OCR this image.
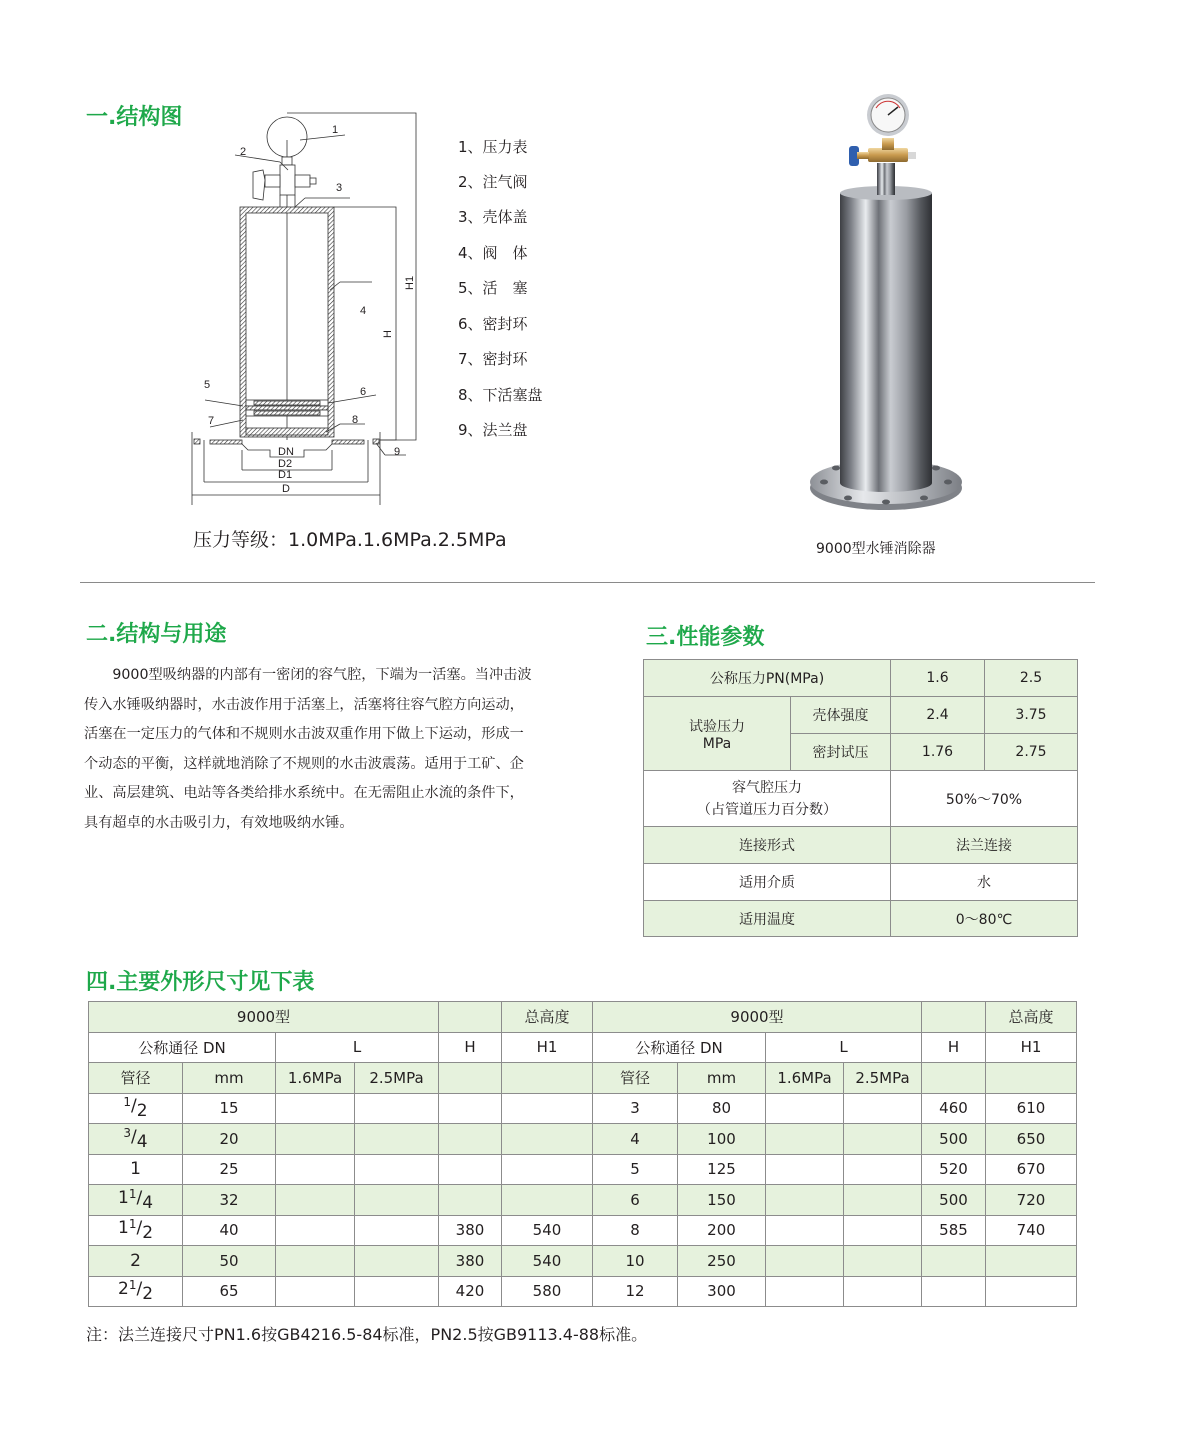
一.结构图	1
2
3
4
5
6
7	8
9
DN
D2
D1
D
H1
H
1、压力表
2、注气阀
3、壳体盖
4、阀　体
5、活　塞
6、密封环
7、密封环
8、下活塞盘
9、法兰盘
压力等级：1.0MPa.1.6MPa.2.5MPa	9000型水锤消除器
二.结构与用途
　　9000型吸纳器的内部有一密闭的容气腔，下端为一活塞。当冲击波
传入水锤吸纳器时，水击波作用于活塞上，活塞将往容气腔方向运动，
活塞在一定压力的气体和不规则水击波双重作用下做上下运动，形成一
个动态的平衡，这样就地消除了不规则的水击波震荡。适用于工矿、企
业、高层建筑、电站等各类给排水系统中。在无需阻止水流的条件下，
具有超卓的水击吸引力，有效地吸纳水锤。
三.性能参数
公称压力PN(MPa)		1.6	2.5

试验压力
MPa	壳体强度	2.4	3.75
	密封试压	1.76	2.75

容气腔压力
（占管道压力百分数）		50%～70%	
连接形式		法兰连接	
适用介质		水	
适用温度		0～80℃	
四.主要外形尺寸见下表
9000型					总高度	9000型					总高度
公称通径 DN		L		H	H1	公称通径 DN		L		H	H1
管径	mm	1.6MPa	2.5MPa			管径	mm	1.6MPa	2.5MPa		
$^1/_2$	15					3	80			460	610
$^3/_4$	20					4	100			500	650
1	25					5	125			520	670
$1^1/_4$	32					6	150			500	720
$1^1/_2$	40			380	540	8	200			585	740
2	50			380	540	10	250				
$2^1/_2$	65			420	580	12	300				
注：法兰连接尺寸PN1.6按GB4216.5-84标准，PN2.5按GB9113.4-88标准。
